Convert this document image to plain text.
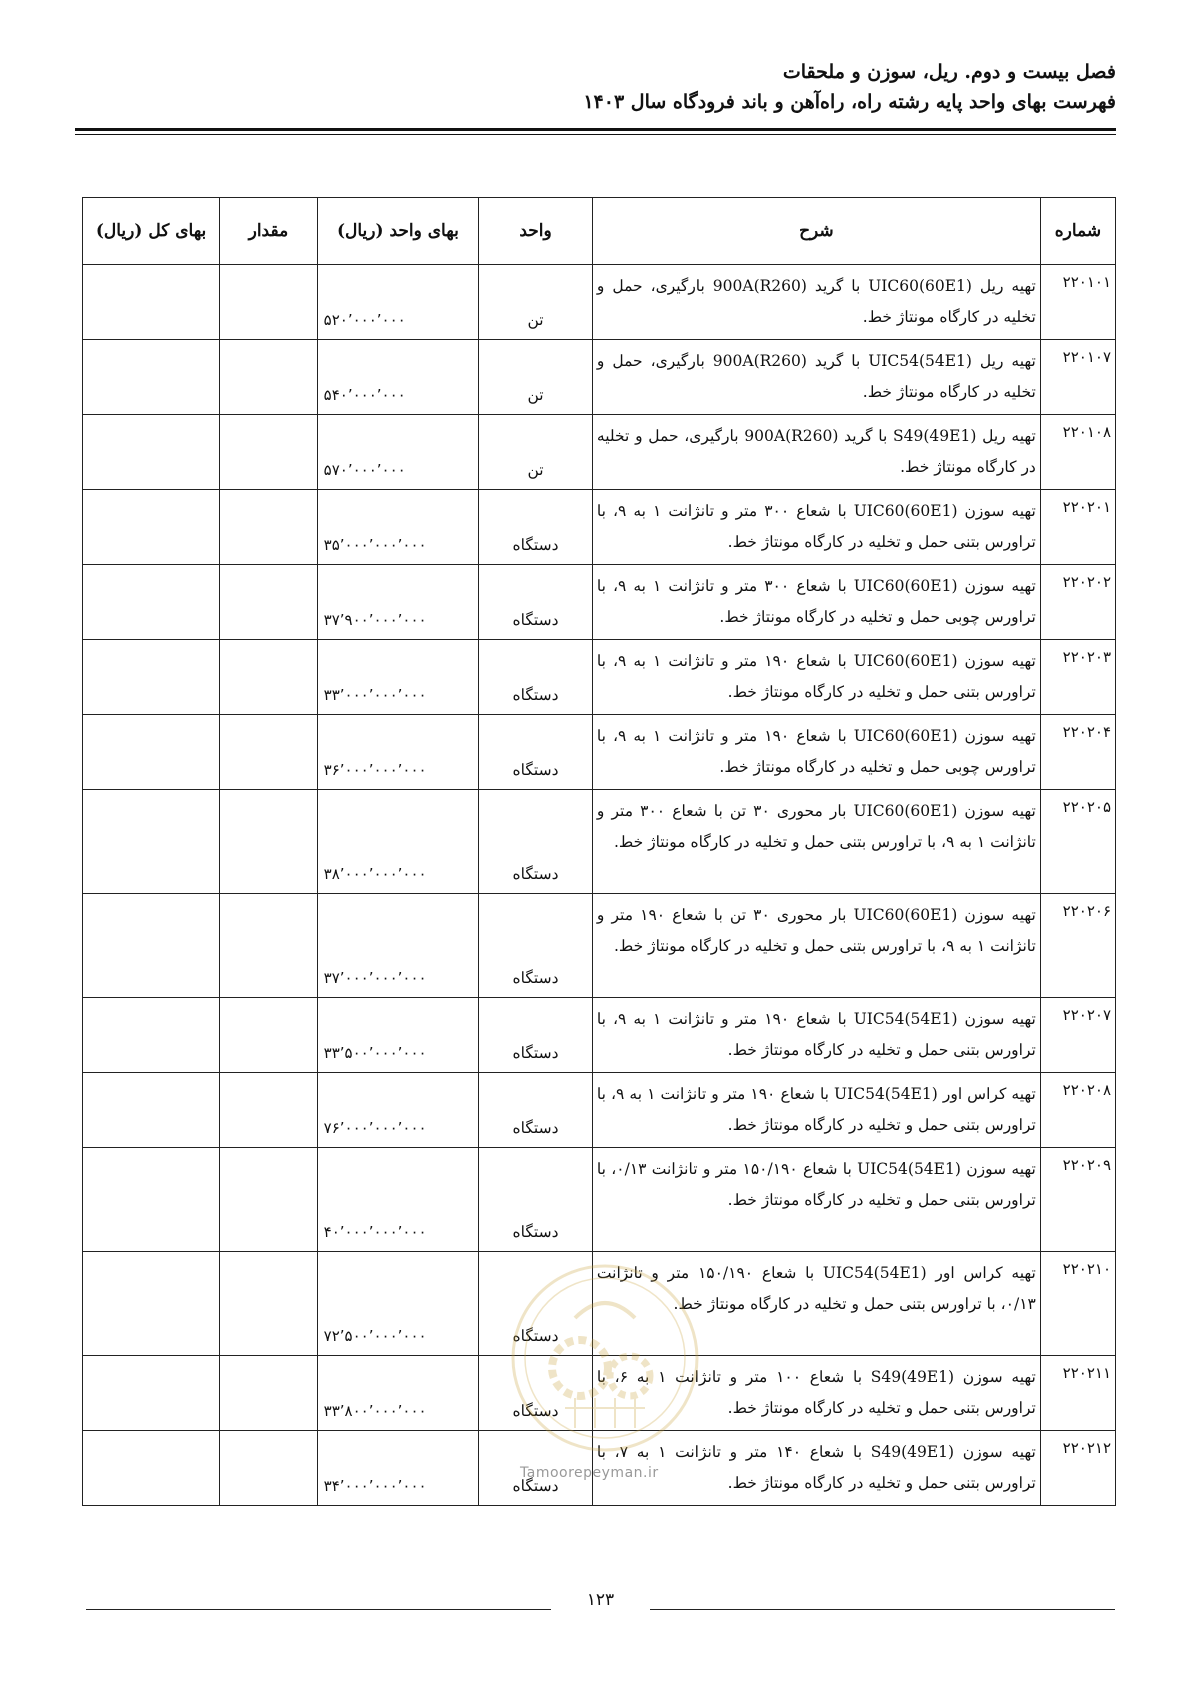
فصل بیست و دوم. ریل، سوزن و ملحقات
فهرست بهای واحد پایه رشته راه، راه‌آهن و باند فرودگاه سال ۱۴۰۳
شماره	شرح	واحد	بهای واحد (ریال)	مقدار	بهای کل (ریال)
۲۲۰۱۰۱	تهیه ریل (UIC60(60E1 با گرید (900A(R260 بارگیری، حمل و تخلیه در کارگاه مونتاژ خط.	تن	۵۲۰٬۰۰۰٬۰۰۰		
۲۲۰۱۰۷	تهیه ریل (UIC54(54E1 با گرید (900A(R260 بارگیری، حمل و تخلیه در کارگاه مونتاژ خط.	تن	۵۴۰٬۰۰۰٬۰۰۰		
۲۲۰۱۰۸	تهیه ریل (S49(49E1 با گرید (900A(R260 بارگیری، حمل و تخلیه در کارگاه مونتاژ خط.	تن	۵۷۰٬۰۰۰٬۰۰۰		
۲۲۰۲۰۱	تهیه سوزن (UIC60(60E1 با شعاع ۳۰۰ متر و تانژانت ۱ به ۹، با تراورس بتنی حمل و تخلیه در کارگاه مونتاژ خط.	دستگاه	۳۵٬۰۰۰٬۰۰۰٬۰۰۰		
۲۲۰۲۰۲	تهیه سوزن (UIC60(60E1 با شعاع ۳۰۰ متر و تانژانت ۱ به ۹، با تراورس چوبی حمل و تخلیه در کارگاه مونتاژ خط.	دستگاه	۳۷٬۹۰۰٬۰۰۰٬۰۰۰		
۲۲۰۲۰۳	تهیه سوزن (UIC60(60E1 با شعاع ۱۹۰ متر و تانژانت ۱ به ۹، با تراورس بتنی حمل و تخلیه در کارگاه مونتاژ خط.	دستگاه	۳۳٬۰۰۰٬۰۰۰٬۰۰۰		
۲۲۰۲۰۴	تهیه سوزن (UIC60(60E1 با شعاع ۱۹۰ متر و تانژانت ۱ به ۹، با تراورس چوبی حمل و تخلیه در کارگاه مونتاژ خط.	دستگاه	۳۶٬۰۰۰٬۰۰۰٬۰۰۰		
۲۲۰۲۰۵	تهیه سوزن (UIC60(60E1 بار محوری ۳۰ تن با شعاع ۳۰۰ متر و تانژانت ۱ به ۹، با تراورس بتنی حمل و تخلیه در کارگاه مونتاژ خط.	دستگاه	۳۸٬۰۰۰٬۰۰۰٬۰۰۰		
۲۲۰۲۰۶	تهیه سوزن (UIC60(60E1 بار محوری ۳۰ تن با شعاع ۱۹۰ متر و تانژانت ۱ به ۹، با تراورس بتنی حمل و تخلیه در کارگاه مونتاژ خط.	دستگاه	۳۷٬۰۰۰٬۰۰۰٬۰۰۰		
۲۲۰۲۰۷	تهیه سوزن (UIC54(54E1 با شعاع ۱۹۰ متر و تانژانت ۱ به ۹، با تراورس بتنی حمل و تخلیه در کارگاه مونتاژ خط.	دستگاه	۳۳٬۵۰۰٬۰۰۰٬۰۰۰		
۲۲۰۲۰۸	تهیه کراس اور (UIC54(54E1 با شعاع ۱۹۰ متر و تانژانت ۱ به ۹، با تراورس بتنی حمل و تخلیه در کارگاه مونتاژ خط.	دستگاه	۷۶٬۰۰۰٬۰۰۰٬۰۰۰		
۲۲۰۲۰۹	تهیه سوزن (UIC54(54E1 با شعاع ۱۵۰/۱۹۰ متر و تانژانت ۰/۱۳، با تراورس بتنی حمل و تخلیه در کارگاه مونتاژ خط.	دستگاه	۴۰٬۰۰۰٬۰۰۰٬۰۰۰		
۲۲۰۲۱۰	تهیه کراس اور (UIC54(54E1 با شعاع ۱۵۰/۱۹۰ متر و تانژانت ۰/۱۳، با تراورس بتنی حمل و تخلیه در کارگاه مونتاژ خط.	دستگاه	۷۲٬۵۰۰٬۰۰۰٬۰۰۰		
۲۲۰۲۱۱	تهیه سوزن (S49(49E1 با شعاع ۱۰۰ متر و تانژانت ۱ به ۶، با تراورس بتنی حمل و تخلیه در کارگاه مونتاژ خط.	دستگاه	۳۳٬۸۰۰٬۰۰۰٬۰۰۰		
۲۲۰۲۱۲	تهیه سوزن (S49(49E1 با شعاع ۱۴۰ متر و تانژانت ۱ به ۷، با تراورس بتنی حمل و تخلیه در کارگاه مونتاژ خط.	دستگاه	۳۴٬۰۰۰٬۰۰۰٬۰۰۰		
Tamoorepeyman.ir
۱۲۳
